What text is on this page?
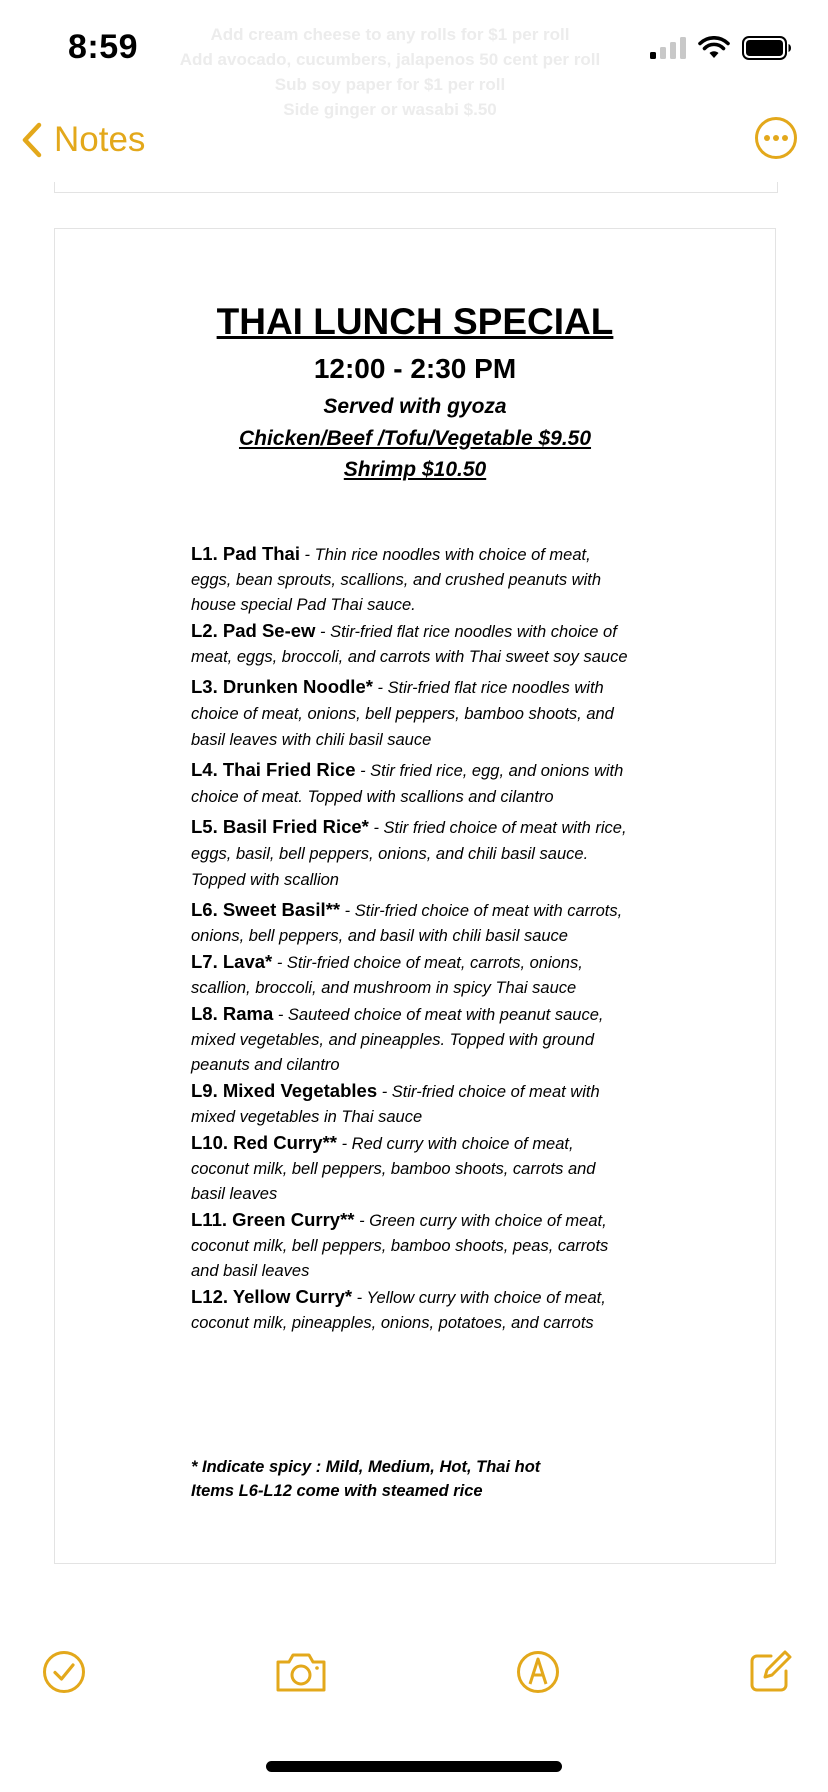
8:59	Add cream cheese to any rolls for $1 per roll
Add avocado, cucumbers, jalapenos 50 cent per roll
Sub soy paper for $1 per roll
Side ginger or wasabi $.50
Notes
THAI LUNCH SPECIAL
12:00 - 2:30 PM
Served with gyoza
Chicken/Beef /Tofu/Vegetable $9.50
Shrimp $10.50

L1. Pad Thai - Thin rice noodles with choice of meat, eggs, bean sprouts, scallions, and crushed peanuts with house special Pad Thai sauce.

L2. Pad Se-ew - Stir-fried flat rice noodles with choice of meat, eggs, broccoli, and carrots with Thai sweet soy sauce

L3. Drunken Noodle* - Stir-fried flat rice noodles with choice of meat, onions, bell peppers, bamboo shoots, and basil leaves with chili basil sauce

L4. Thai Fried Rice - Stir fried rice, egg, and onions with choice of meat. Topped with scallions and cilantro

L5. Basil Fried Rice* - Stir fried choice of meat with rice, eggs, basil, bell peppers, onions, and chili basil sauce. Topped with scallion

L6. Sweet Basil** - Stir-fried choice of meat with carrots, onions, bell peppers, and basil with chili basil sauce

L7. Lava* - Stir-fried choice of meat, carrots, onions, scallion, broccoli, and mushroom in spicy Thai sauce

L8. Rama - Sauteed choice of meat with peanut sauce, mixed vegetables, and pineapples. Topped with ground peanuts and cilantro

L9. Mixed Vegetables - Stir-fried choice of meat with mixed vegetables in Thai sauce

L10. Red Curry** - Red curry with choice of meat, coconut milk, bell peppers, bamboo shoots, carrots and basil leaves

L11. Green Curry** - Green curry with choice of meat, coconut milk, bell peppers, bamboo shoots, peas, carrots and basil leaves

L12. Yellow Curry* - Yellow curry with choice of meat, coconut milk, pineapples, onions, potatoes, and carrots

* Indicate spicy : Mild, Medium, Hot, Thai hot
Items L6-L12 come with steamed rice
